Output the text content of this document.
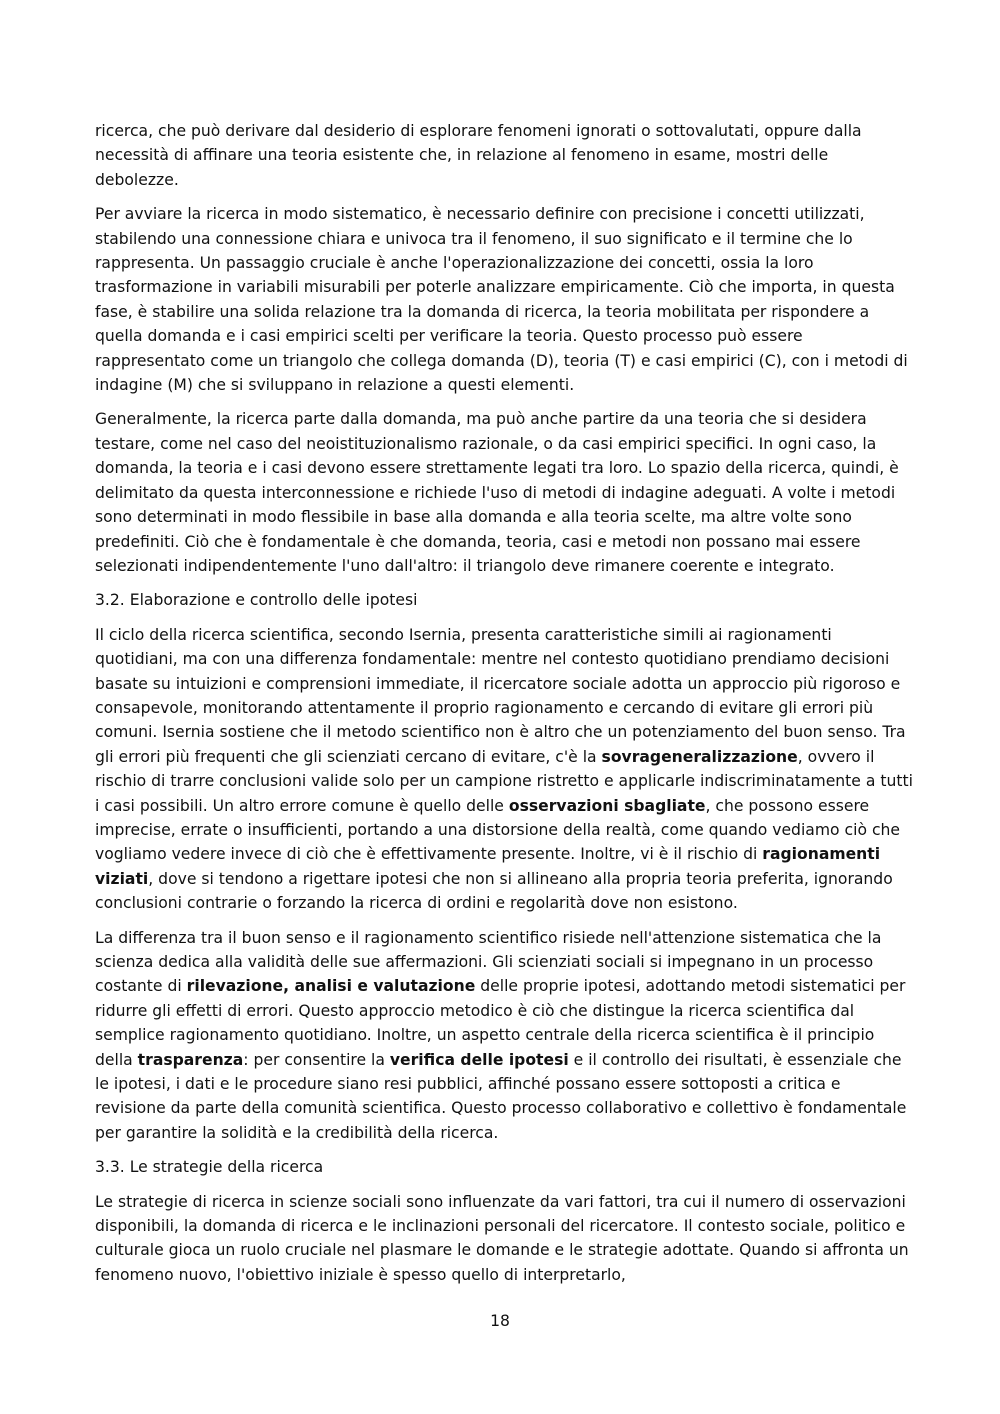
ricerca, che può derivare dal desiderio di esplorare fenomeni ignorati o sottovalutati, oppure dalla necessità di affinare una teoria esistente che, in relazione al fenomeno in esame, mostri delle debolezze.

Per avviare la ricerca in modo sistematico, è necessario definire con precisione i concetti utilizzati, stabilendo una connessione chiara e univoca tra il fenomeno, il suo significato e il termine che lo rappresenta. Un passaggio cruciale è anche l'operazionalizzazione dei concetti, ossia la loro trasformazione in variabili misurabili per poterle analizzare empiricamente. Ciò che importa, in questa fase, è stabilire una solida relazione tra la domanda di ricerca, la teoria mobilitata per rispondere a quella domanda e i casi empirici scelti per verificare la teoria. Questo processo può essere rappresentato come un triangolo che collega domanda (D), teoria (T) e casi empirici (C), con i metodi di indagine (M) che si sviluppano in relazione a questi elementi.

Generalmente, la ricerca parte dalla domanda, ma può anche partire da una teoria che si desidera testare, come nel caso del neoistituzionalismo razionale, o da casi empirici specifici. In ogni caso, la domanda, la teoria e i casi devono essere strettamente legati tra loro. Lo spazio della ricerca, quindi, è delimitato da questa interconnessione e richiede l'uso di metodi di indagine adeguati. A volte i metodi sono determinati in modo flessibile in base alla domanda e alla teoria scelte, ma altre volte sono predefiniti. Ciò che è fondamentale è che domanda, teoria, casi e metodi non possano mai essere selezionati indipendentemente l'uno dall'altro: il triangolo deve rimanere coerente e integrato.

3.2. Elaborazione e controllo delle ipotesi

Il ciclo della ricerca scientifica, secondo Isernia, presenta caratteristiche simili ai ragionamenti quotidiani, ma con una differenza fondamentale: mentre nel contesto quotidiano prendiamo decisioni basate su intuizioni e comprensioni immediate, il ricercatore sociale adotta un approccio più rigoroso e consapevole, monitorando attentamente il proprio ragionamento e cercando di evitare gli errori più comuni. Isernia sostiene che il metodo scientifico non è altro che un potenziamento del buon senso. Tra gli errori più frequenti che gli scienziati cercano di evitare, c'è la sovrageneralizzazione, ovvero il rischio di trarre conclusioni valide solo per un campione ristretto e applicarle indiscriminatamente a tutti i casi possibili. Un altro errore comune è quello delle osservazioni sbagliate, che possono essere imprecise, errate o insufficienti, portando a una distorsione della realtà, come quando vediamo ciò che vogliamo vedere invece di ciò che è effettivamente presente. Inoltre, vi è il rischio di ragionamenti viziati, dove si tendono a rigettare ipotesi che non si allineano alla propria teoria preferita, ignorando conclusioni contrarie o forzando la ricerca di ordini e regolarità dove non esistono.

La differenza tra il buon senso e il ragionamento scientifico risiede nell'attenzione sistematica che la scienza dedica alla validità delle sue affermazioni. Gli scienziati sociali si impegnano in un processo costante di rilevazione, analisi e valutazione delle proprie ipotesi, adottando metodi sistematici per ridurre gli effetti di errori. Questo approccio metodico è ciò che distingue la ricerca scientifica dal semplice ragionamento quotidiano. Inoltre, un aspetto centrale della ricerca scientifica è il principio della trasparenza: per consentire la verifica delle ipotesi e il controllo dei risultati, è essenziale che le ipotesi, i dati e le procedure siano resi pubblici, affinché possano essere sottoposti a critica e revisione da parte della comunità scientifica. Questo processo collaborativo e collettivo è fondamentale per garantire la solidità e la credibilità della ricerca.

3.3. Le strategie della ricerca

Le strategie di ricerca in scienze sociali sono influenzate da vari fattori, tra cui il numero di osservazioni disponibili, la domanda di ricerca e le inclinazioni personali del ricercatore. Il contesto sociale, politico e culturale gioca un ruolo cruciale nel plasmare le domande e le strategie adottate. Quando si affronta un fenomeno nuovo, l'obiettivo iniziale è spesso quello di interpretarlo,

18
